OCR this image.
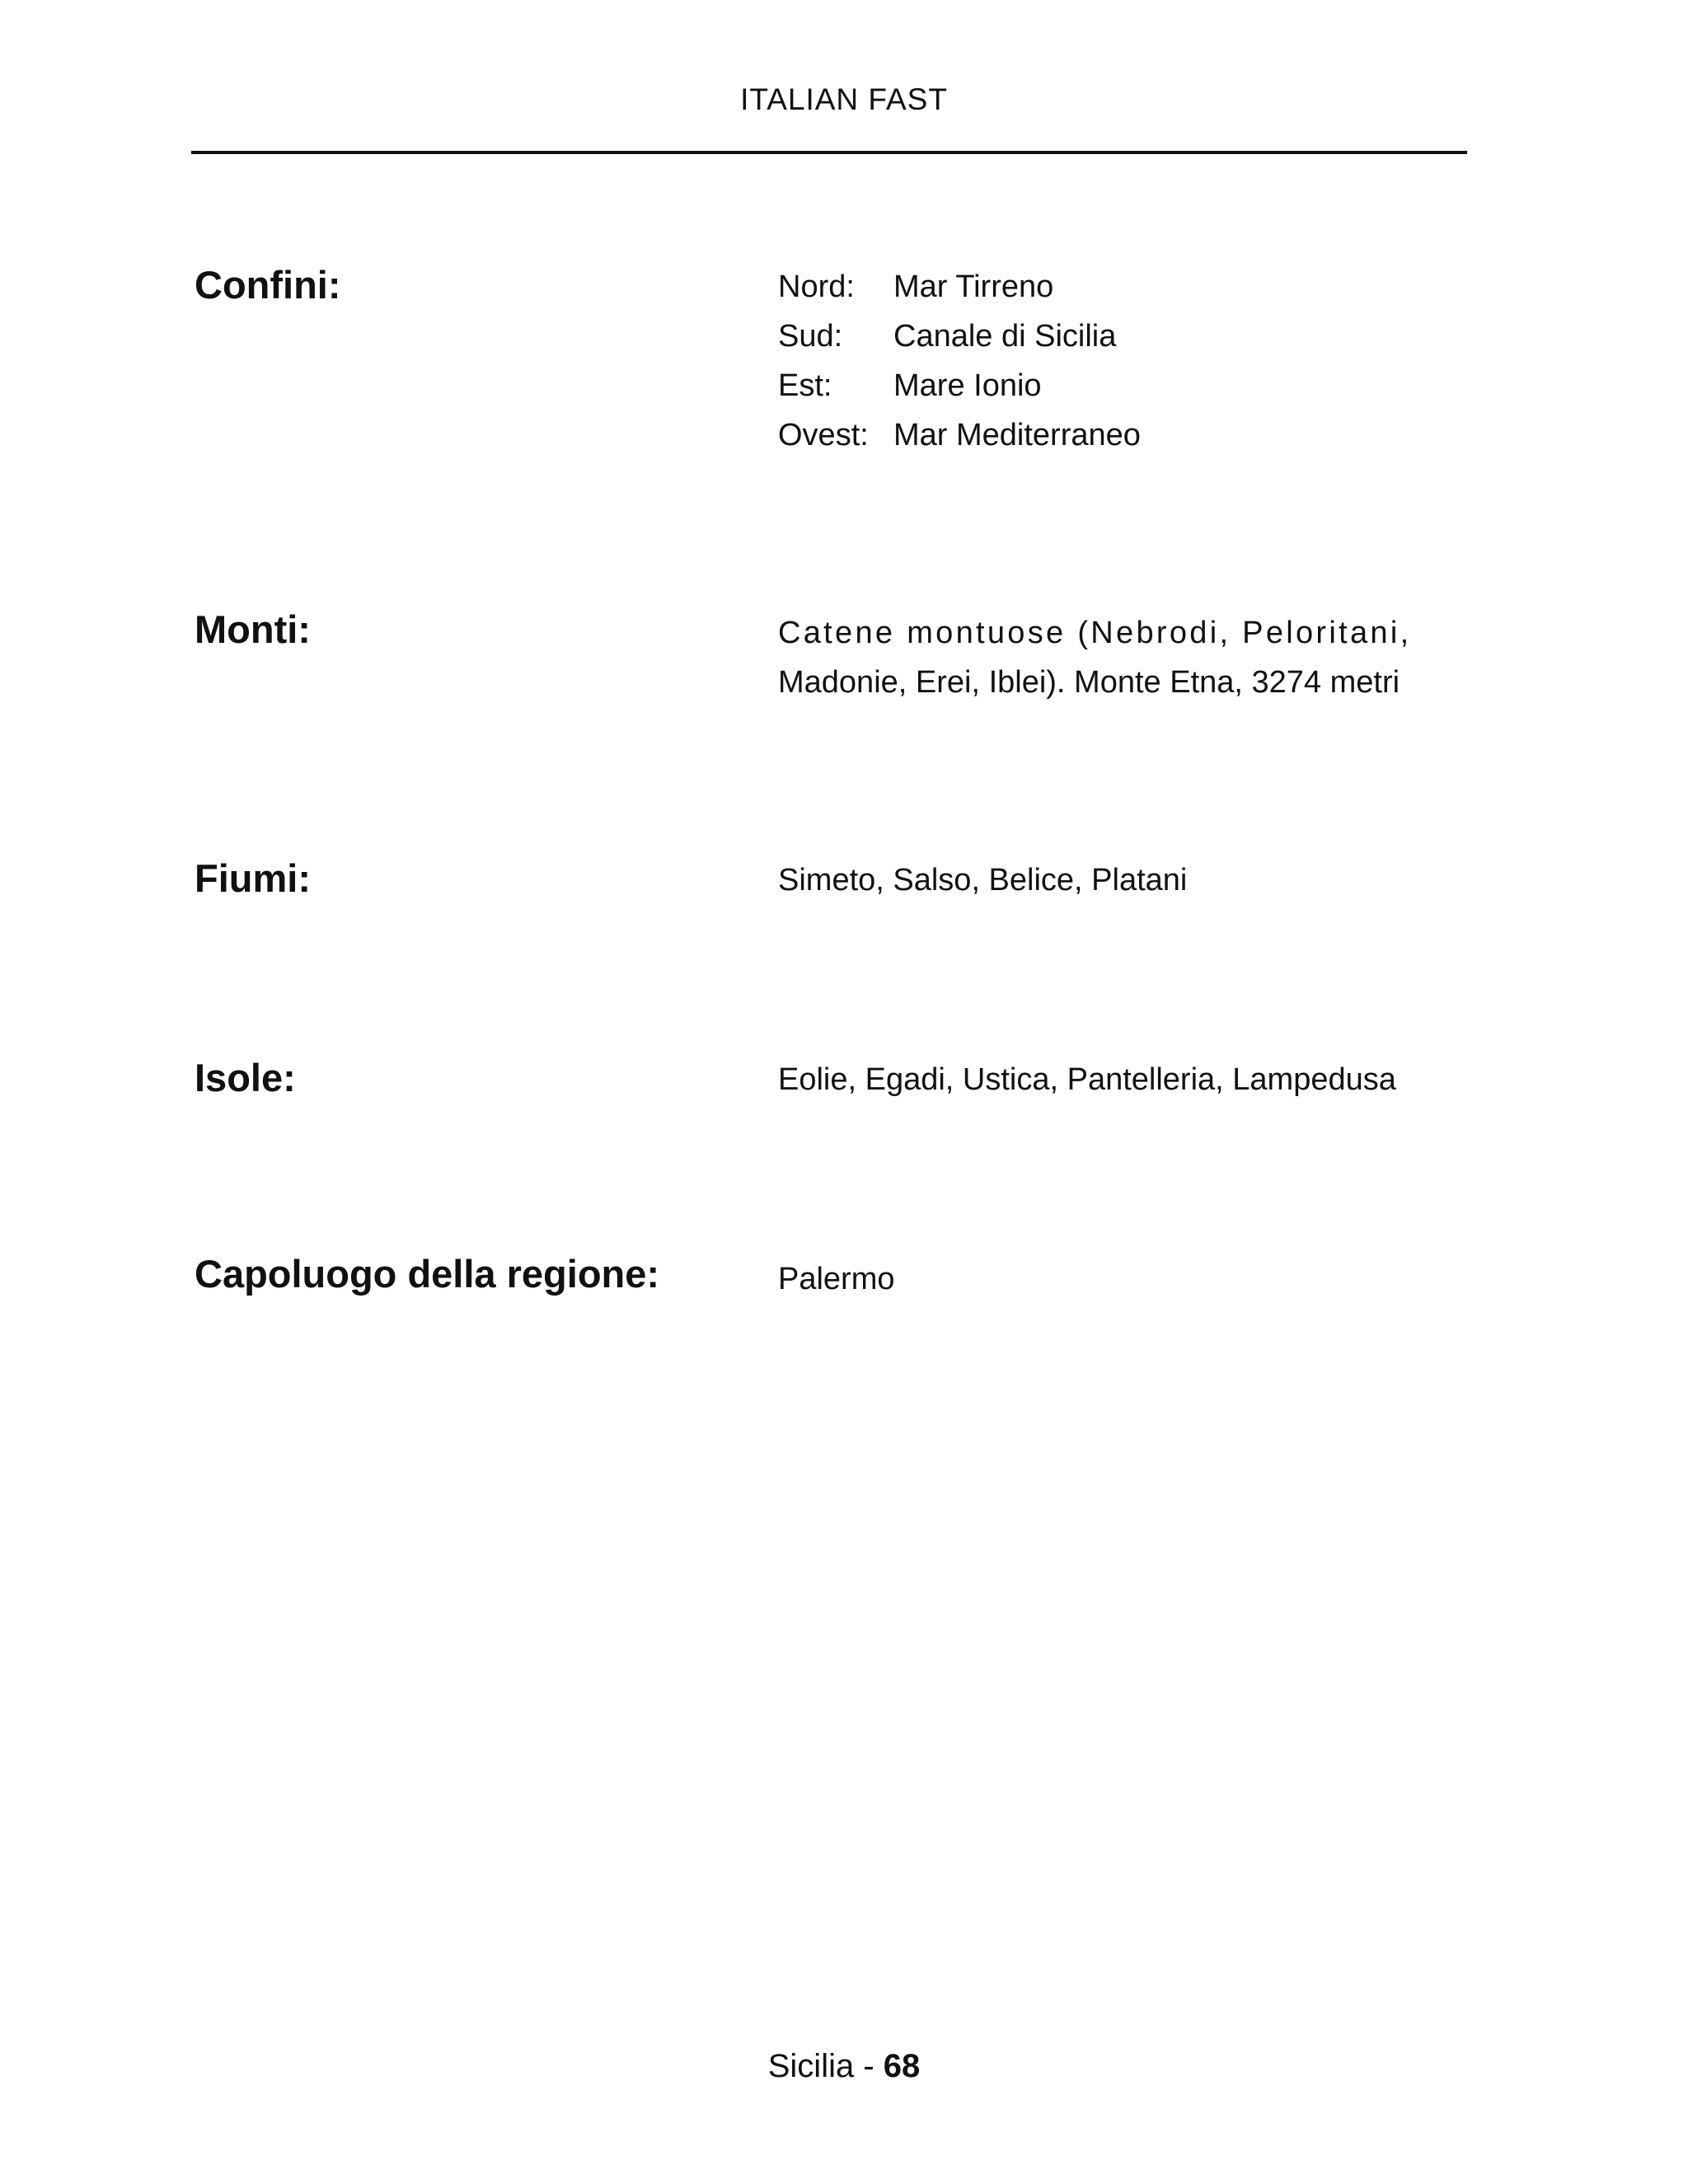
ITALIAN FAST
Confini:	Nord:	Mar Tirreno
Sud:	Canale di Sicilia
Est:	Mare Ionio
Ovest: Mar Mediterraneo
Monti:	Catene montuose (Nebrodi, Peloritani,
Madonie, Erei, Iblei). Monte Etna, 3274 metri
Fiumi:	Simeto, Salso, Belice, Platani
Isole:	Eolie, Egadi, Ustica, Pantelleria, Lampedusa
Capoluogo della regione:	Palermo
Sicilia - 68
